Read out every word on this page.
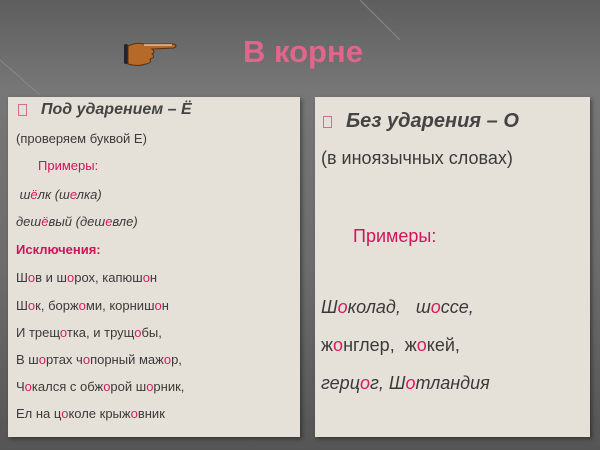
В корне
Под ударением – Ё
(проверяем буквой Е)
Примеры:
шёлк (шелка)
дешёвый (дешевле)
Исключения:
Шов и шорох, капюшон
Шок, боржоми, корнишон
И трещотка, и трущобы,
В шортах чопорный мажор,
Чокался с обжорой шорник,
Ел на цоколе крыжовник
Без ударения – О
(в иноязычных словах)
Примеры:
Шоколад,   шоссе,
жонглер,  жокей,
герцог, Шотландия
